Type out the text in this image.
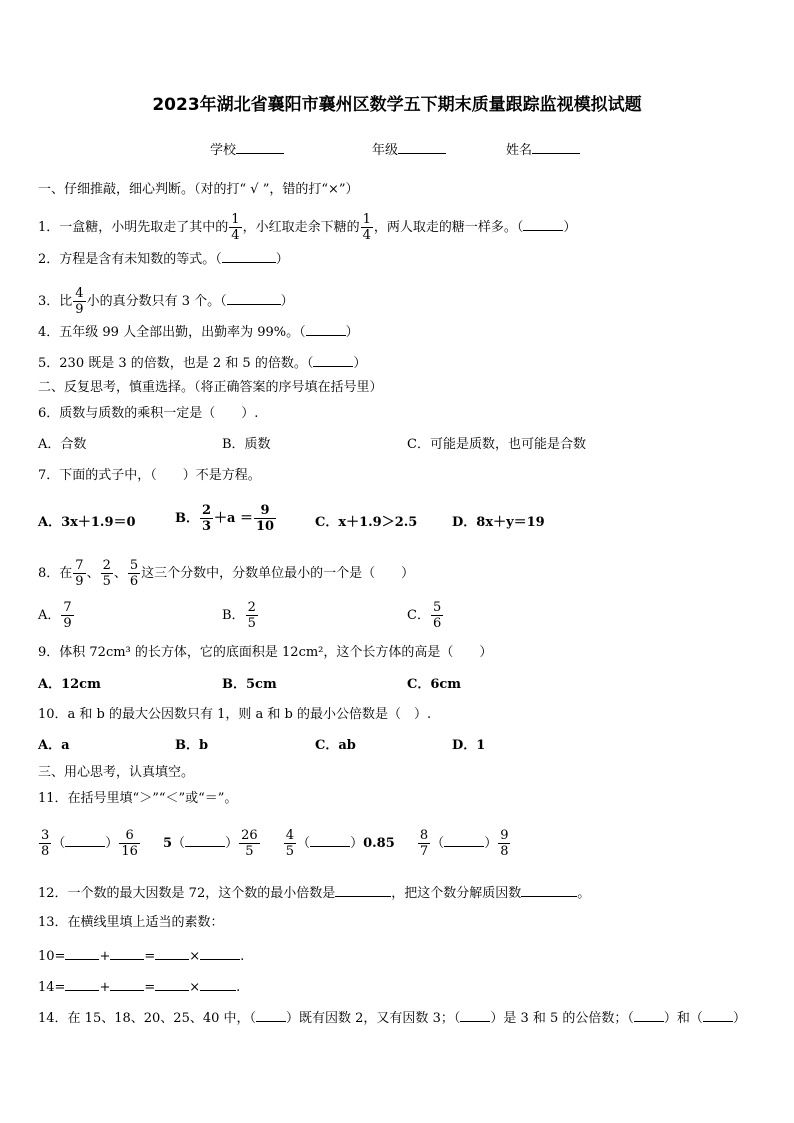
2023年湖北省襄阳市襄州区数学五下期末质量跟踪监视模拟试题
学校	年级	姓名
一、仔细推敲，细心判断。（对的打“ √ ”，错的打“×”）
1．一盒糖，小明先取走了其中的 $\frac{1}{4}$ ，小红取走余下糖的 $\frac{1}{4}$ ，两人取走的糖一样多。（	）
2．方程是含有未知数的等式。（	）
3．比 $\frac{4}{9}$ 小的真分数只有 3 个。（	）
4．五年级 99 人全部出勤，出勤率为 99%。（	）
5．230 既是 3 的倍数，也是 2 和 5 的倍数。（	）
二、反复思考，慎重选择。（将正确答案的序号填在括号里）
6．质数与质数的乘积一定是（　　）.
A．合数	B．质数	C．可能是质数，也可能是合数
7．下面的式子中，（　　）不是方程。
A．3x＋1.9＝0	B． $\frac{2}{3} +a = \frac{9}{10}$	C．x＋1.9＞2.5	D．8x＋y＝19
8．在 $\frac{7}{9}$ 、 $\frac{2}{5}$ 、 $\frac{5}{6}$ 这三个分数中，分数单位最小的一个是（　　）
A． $\frac{7}{9}$	B． $\frac{2}{5}$	C． $\frac{5}{6}$
9．体积 72cm³ 的长方体，它的底面积是 12cm²，这个长方体的高是（　　）
A．12cm	B．5cm	C．6cm
10．a 和 b 的最大公因数只有 1，则 a 和 b 的最小公倍数是（　）.
A．a	B．b	C．ab	D．1
三、用心思考，认真填空。
11．在括号里填“＞”“＜”或“＝”。
$\frac{3}{8}$ （	） $\frac{6}{16} 5$（	） $\frac{26}{5}$
$\frac{4}{5}$ （	）$0.85 \frac{8}{7}$ （	） $\frac{9}{8}$
12．一个数的最大因数是 72，这个数的最小倍数是	，把这个数分解质因数	。
13．在横线里填上适当的素数：
10=	+	=	×	.
14=	+	=	×	.
14．在 15、18、20、25、40 中，（ ）既有因数 2，又有因数 3；（ ）是 3 和 5 的公倍数；（ ）和（ ）
